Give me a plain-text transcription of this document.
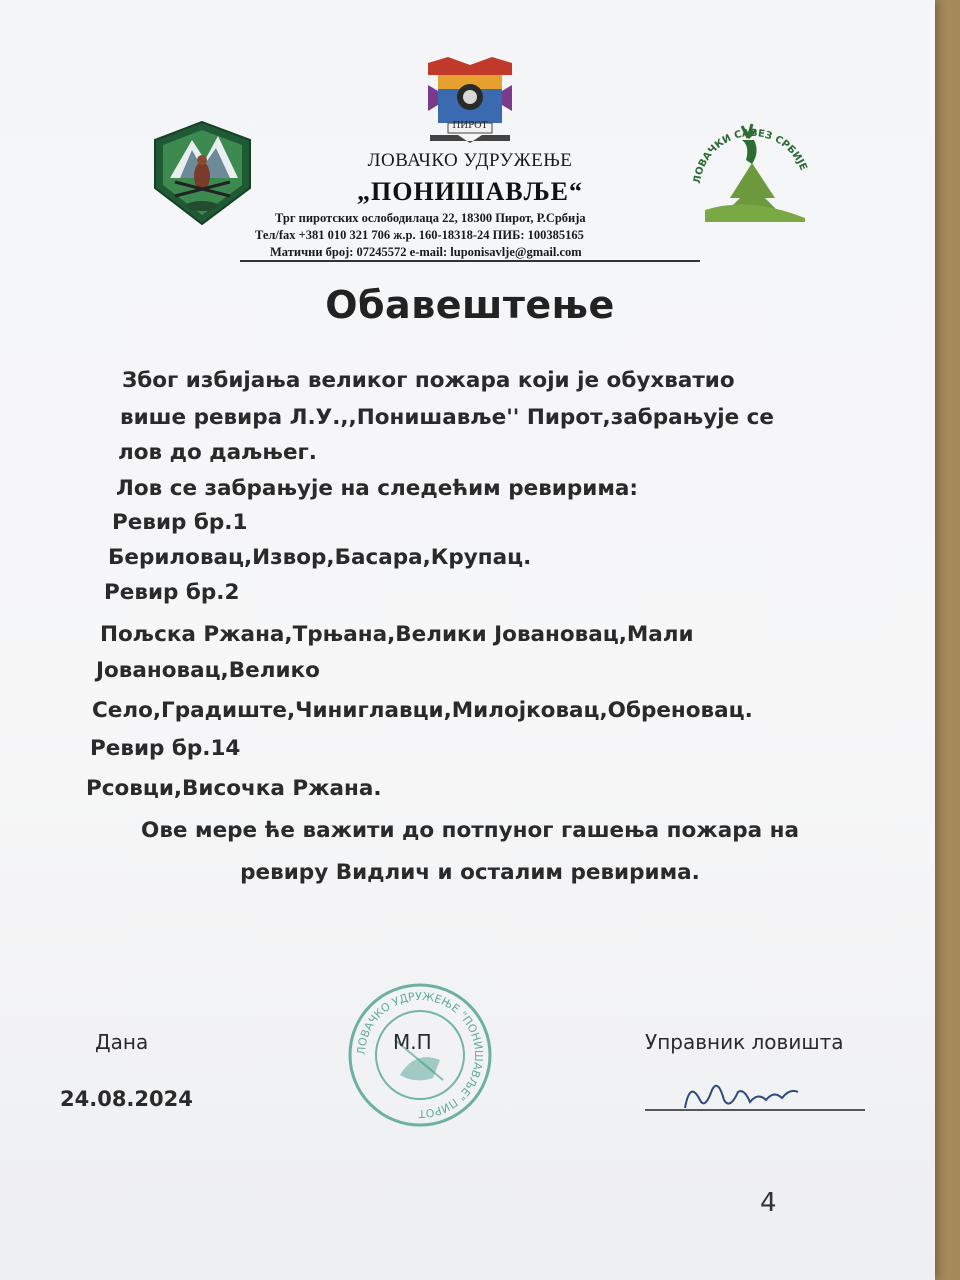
ПИРОТ
ЛОВАЧКИ САВЕЗ СРБИЈЕ
ЛОВАЧКО УДРУЖЕЊЕ
„ПОНИШАВЉЕ“
Трг пиротских ослободилаца 22, 18300 Пирот, Р.Србија
Тел/fax +381 010 321 706 ж.р. 160-18318-24 ПИБ: 100385165
Матични број: 07245572 e-mail: luponisavlje@gmail.com
Обавештење
Због избијања великог пожара који је обухватио
више ревира Л.У.,,Понишавље'' Пирот,забрањује се
лов до даљњег.
Лов се забрањује на следећим ревирима:
Ревир бр.1
Бериловац,Извор,Басара,Крупац.
Ревир бр.2
Пољска Ржана,Трњана,Велики Јовановац,Мали
Јовановац,Велико
Село,Градиште,Чиниглавци,Милојковац,Обреновац.
Ревир бр.14
Рсовци,Височка Ржана.
Ове мере ће важити до потпуног гашења пожара на
ревиру Видлич и осталим ревирима.
Дана
24.08.2024
ЛОВАЧКО УДРУЖЕЊЕ "ПОНИШАВЉЕ" ПИРОТ
М.П	Управник ловишта
4
